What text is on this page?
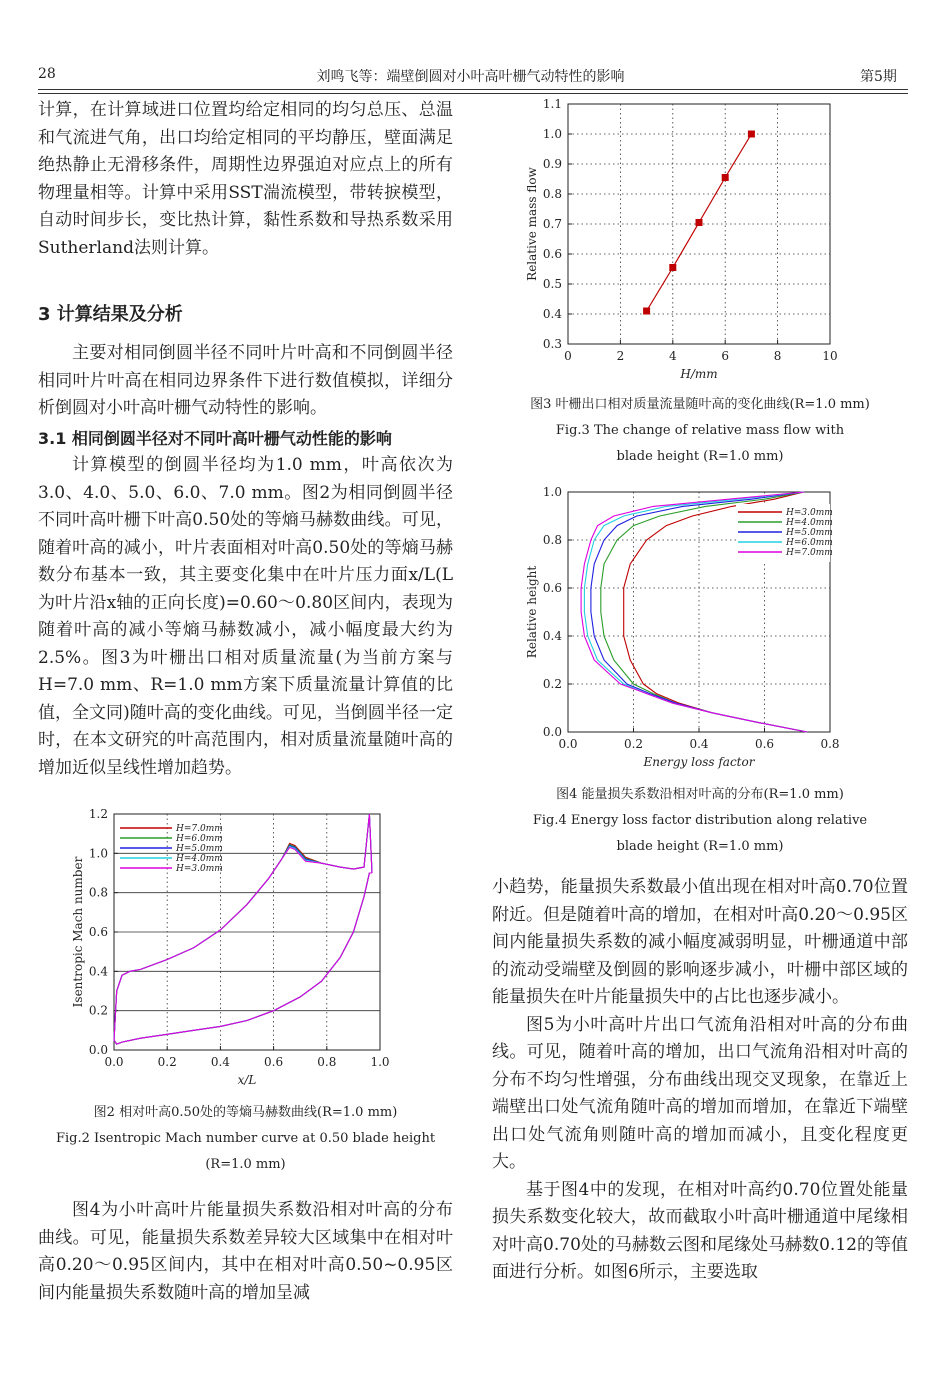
28	刘鸣飞等：端壁倒圆对小叶高叶栅气动特性的影响	第5期

计算，在计算域进口位置均给定相同的均匀总压、总温和气流进气角，出口均给定相同的平均静压，壁面满足绝热静止无滑移条件，周期性边界强迫对应点上的所有物理量相等。计算中采用SST湍流模型，带转捩模型，自动时间步长，变比热计算，黏性系数和导热系数采用Sutherland法则计算。

3 计算结果及分析

主要对相同倒圆半径不同叶片叶高和不同倒圆半径相同叶片叶高在相同边界条件下进行数值模拟，详细分析倒圆对小叶高叶栅气动特性的影响。

3.1 相同倒圆半径对不同叶高叶栅气动性能的影响

计算模型的倒圆半径均为1.0 mm，叶高依次为3.0、4.0、5.0、6.0、7.0 mm。图2为相同倒圆半径不同叶高叶栅下叶高0.50处的等熵马赫数曲线。可见，随着叶高的减小，叶片表面相对叶高0.50处的等熵马赫数分布基本一致，其主要变化集中在叶片压力面x/L(L为叶片沿x轴的正向长度)=0.60～0.80区间内，表现为随着叶高的减小等熵马赫数减小，减小幅度最大约为2.5%。图3为叶栅出口相对质量流量(为当前方案与H=7.0 mm、R=1.0 mm方案下质量流量计算值的比值，全文同)随叶高的变化曲线。可见，当倒圆半径一定时，在本文研究的叶高范围内，相对质量流量随叶高的增加近似呈线性增加趋势。

0.0	0.2	0.4	0.6	0.8	1.0
0.0
0.2
0.4
0.6
0.8
1.0
1.2
x/L
Isentropic Mach number
H=7.0mm
H=6.0mm
H=5.0mm
H=4.0mm
H=3.0mm
图2 相对叶高0.50处的等熵马赫数曲线(R=1.0 mm)
Fig.2 Isentropic Mach number curve at 0.50 blade height
(R=1.0 mm)

图4为小叶高叶片能量损失系数沿相对叶高的分布曲线。可见，能量损失系数差异较大区域集中在相对叶高0.20～0.95区间内，其中在相对叶高0.50~0.95区间内能量损失系数随叶高的增加呈减

0	2	4	6	8	10
0.3
0.4
0.5
0.6
0.7
0.8
0.9
1.0
1.1
H/mm
Relative mass flow
图3 叶栅出口相对质量流量随叶高的变化曲线(R=1.0 mm)
Fig.3 The change of relative mass flow with
blade height (R=1.0 mm)
0.0	0.2	0.4	0.6	0.8
0.0
0.2
0.4
0.6
0.8
1.0
Energy loss factor
Relative height
H=3.0mm
H=4.0mm
H=5.0mm
H=6.0mm
H=7.0mm
图4 能量损失系数沿相对叶高的分布(R=1.0 mm)
Fig.4 Energy loss factor distribution along relative
blade height (R=1.0 mm)

小趋势，能量损失系数最小值出现在相对叶高0.70位置附近。但是随着叶高的增加，在相对叶高0.20～0.95区间内能量损失系数的减小幅度减弱明显，叶栅通道中部的流动受端壁及倒圆的影响逐步减小，叶栅中部区域的能量损失在叶片能量损失中的占比也逐步减小。

图5为小叶高叶片出口气流角沿相对叶高的分布曲线。可见，随着叶高的增加，出口气流角沿相对叶高的分布不均匀性增强，分布曲线出现交叉现象，在靠近上端壁出口处气流角随叶高的增加而增加，在靠近下端壁出口处气流角则随叶高的增加而减小，且变化程度更大。

基于图4中的发现，在相对叶高约0.70位置处能量损失系数变化较大，故而截取小叶高叶栅通道中尾缘相对叶高0.70处的马赫数云图和尾缘处马赫数0.12的等值面进行分析。如图6所示，主要选取
